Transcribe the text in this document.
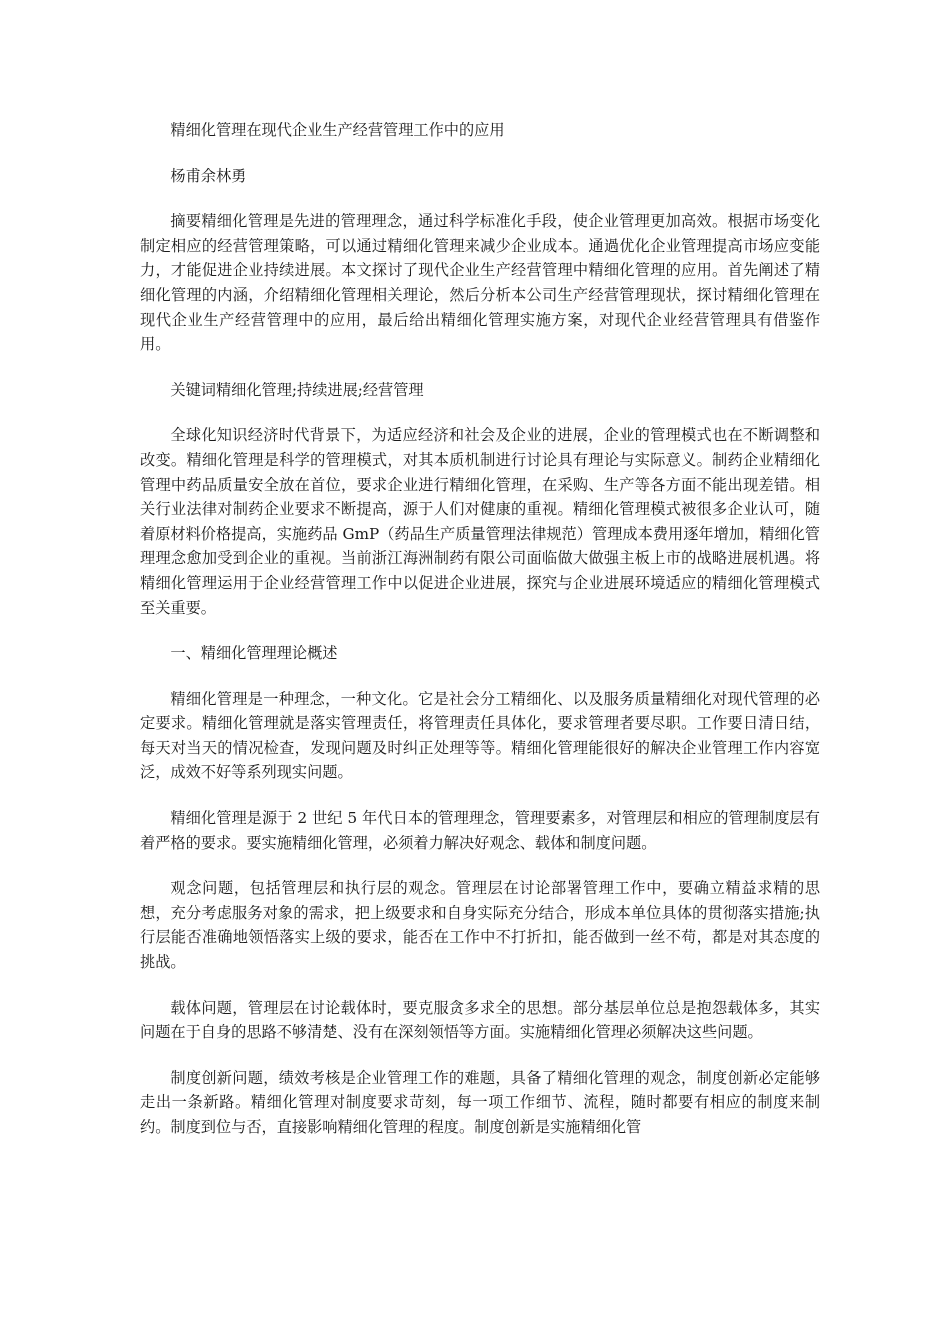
精细化管理在现代企业生产经营管理工作中的应用

杨甫余林勇

摘要精细化管理是先进的管理理念，通过科学标准化手段，使企业管理更加高效。根据市场变化制定相应的经营管理策略，可以通过精细化管理来减少企业成本。通過优化企业管理提高市场应变能力，才能促进企业持续进展。本文探讨了现代企业生产经营管理中精细化管理的应用。首先阐述了精细化管理的内涵，介绍精细化管理相关理论，然后分析本公司生产经营管理现状，探讨精细化管理在现代企业生产经营管理中的应用，最后给出精细化管理实施方案，对现代企业经营管理具有借鉴作用。

关键词精细化管理;持续进展;经营管理

全球化知识经济时代背景下，为适应经济和社会及企业的进展，企业的管理模式也在不断调整和改变。精细化管理是科学的管理模式，对其本质机制进行讨论具有理论与实际意义。制药企业精细化管理中药品质量安全放在首位，要求企业进行精细化管理，在采购、生产等各方面不能出现差错。相关行业法律对制药企业要求不断提高，源于人们对健康的重视。精细化管理模式被很多企业认可，随着原材料价格提高，实施药品 GmP（药品生产质量管理法律规范）管理成本费用逐年增加，精细化管理理念愈加受到企业的重视。当前浙江海洲制药有限公司面临做大做强主板上市的战略进展机遇。将精细化管理运用于企业经营管理工作中以促进企业进展，探究与企业进展环境适应的精细化管理模式至关重要。

一、精细化管理理论概述

精细化管理是一种理念，一种文化。它是社会分工精细化、以及服务质量精细化对现代管理的必定要求。精细化管理就是落实管理责任，将管理责任具体化，要求管理者要尽职。工作要日清日结，每天对当天的情况检查，发现问题及时纠正处理等等。精细化管理能很好的解决企业管理工作内容宽泛，成效不好等系列现实问题。

精细化管理是源于 2 世纪 5 年代日本的管理理念，管理要素多，对管理层和相应的管理制度层有着严格的要求。要实施精细化管理，必须着力解决好观念、载体和制度问题。

观念问题，包括管理层和执行层的观念。管理层在讨论部署管理工作中，要确立精益求精的思想，充分考虑服务对象的需求，把上级要求和自身实际充分结合，形成本单位具体的贯彻落实措施;执行层能否准确地领悟落实上级的要求，能否在工作中不打折扣，能否做到一丝不苟，都是对其态度的挑战。

载体问题，管理层在讨论载体时，要克服贪多求全的思想。部分基层单位总是抱怨载体多，其实问题在于自身的思路不够清楚、没有在深刻领悟等方面。实施精细化管理必须解决这些问题。

制度创新问题，绩效考核是企业管理工作的难题，具备了精细化管理的观念，制度创新必定能够走出一条新路。精细化管理对制度要求苛刻，每一项工作细节、流程，随时都要有相应的制度来制约。制度到位与否，直接影响精细化管理的程度。制度创新是实施精细化管
